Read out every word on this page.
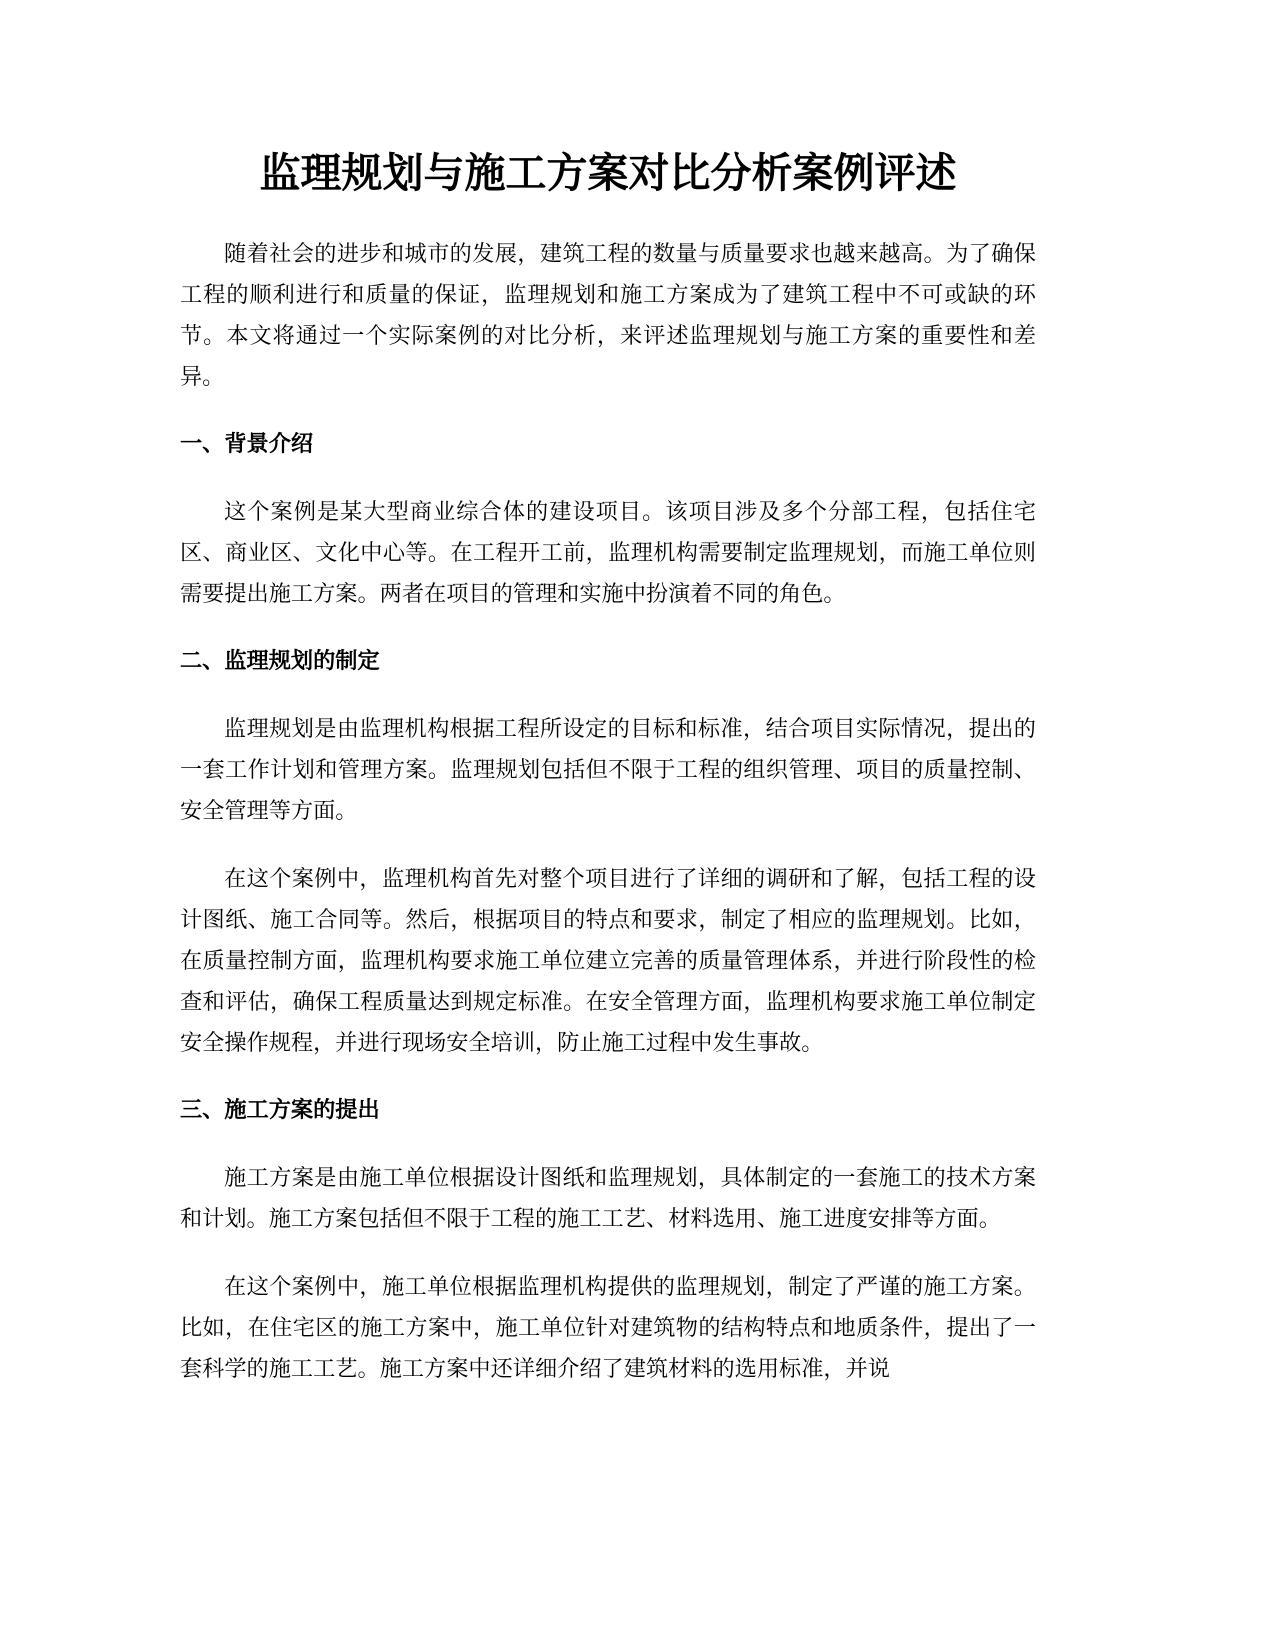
监理规划与施工方案对比分析案例评述

随着社会的进步和城市的发展，建筑工程的数量与质量要求也越来越高。为了确保工程的顺利进行和质量的保证，监理规划和施工方案成为了建筑工程中不可或缺的环节。本文将通过一个实际案例的对比分析，来评述监理规划与施工方案的重要性和差异。

一、背景介绍

这个案例是某大型商业综合体的建设项目。该项目涉及多个分部工程，包括住宅区、商业区、文化中心等。在工程开工前，监理机构需要制定监理规划，而施工单位则需要提出施工方案。两者在项目的管理和实施中扮演着不同的角色。

二、监理规划的制定

监理规划是由监理机构根据工程所设定的目标和标准，结合项目实际情况，提出的一套工作计划和管理方案。监理规划包括但不限于工程的组织管理、项目的质量控制、安全管理等方面。

在这个案例中，监理机构首先对整个项目进行了详细的调研和了解，包括工程的设计图纸、施工合同等。然后，根据项目的特点和要求，制定了相应的监理规划。比如，在质量控制方面，监理机构要求施工单位建立完善的质量管理体系，并进行阶段性的检查和评估，确保工程质量达到规定标准。在安全管理方面，监理机构要求施工单位制定安全操作规程，并进行现场安全培训，防止施工过程中发生事故。

三、施工方案的提出

施工方案是由施工单位根据设计图纸和监理规划，具体制定的一套施工的技术方案和计划。施工方案包括但不限于工程的施工工艺、材料选用、施工进度安排等方面。

在这个案例中，施工单位根据监理机构提供的监理规划，制定了严谨的施工方案。比如，在住宅区的施工方案中，施工单位针对建筑物的结构特点和地质条件，提出了一套科学的施工工艺。施工方案中还详细介绍了建筑材料的选用标准，并说
